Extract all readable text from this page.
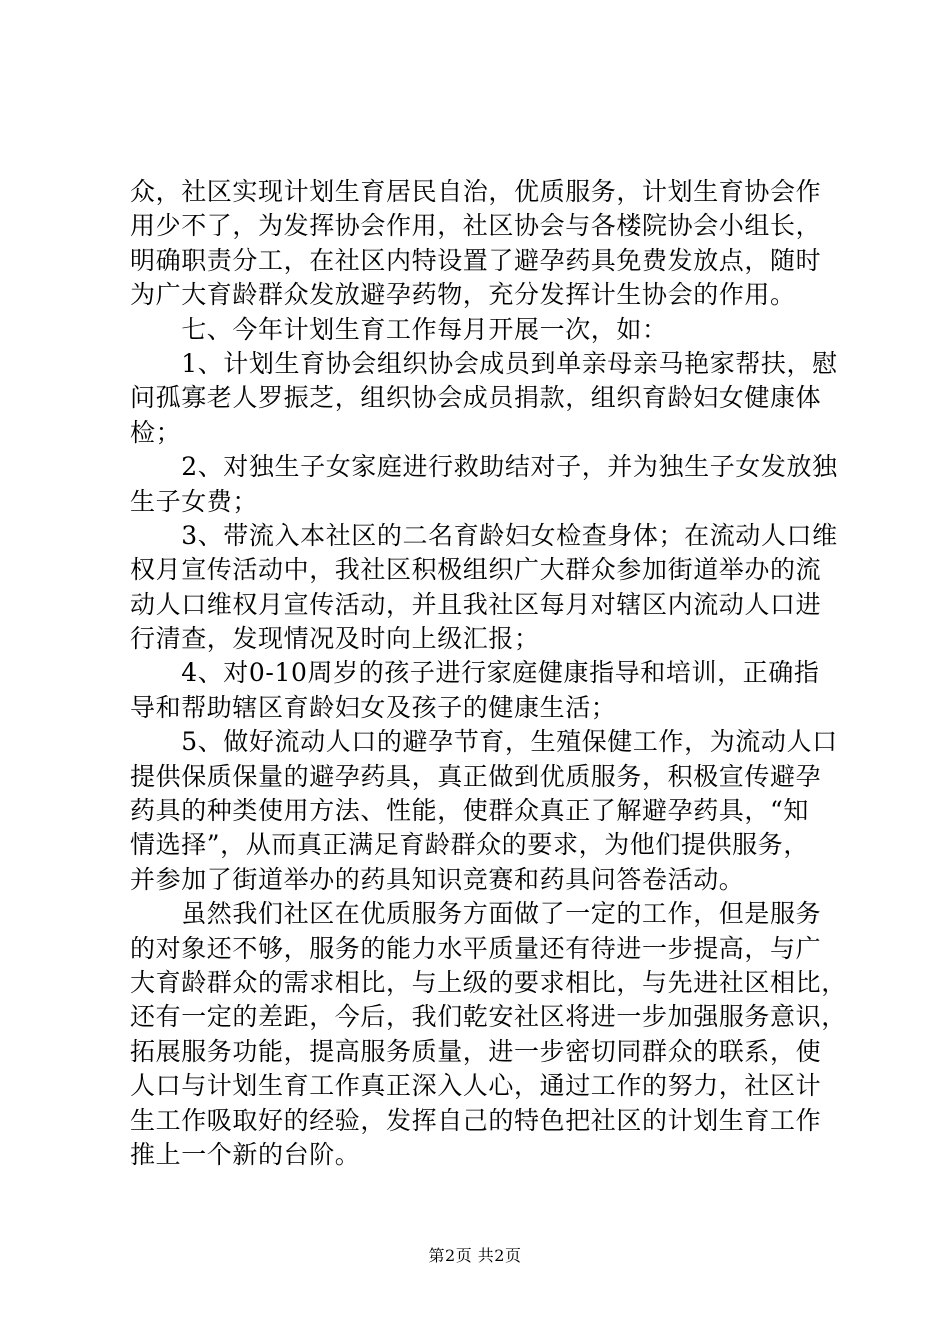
众，社区实现计划生育居民自治，优质服务，计划生育协会作
用少不了，为发挥协会作用，社区协会与各楼院协会小组长，
明确职责分工，在社区内特设置了避孕药具免费发放点，随时
为广大育龄群众发放避孕药物，充分发挥计生协会的作用。
　　七、今年计划生育工作每月开展一次，如：
　　1、计划生育协会组织协会成员到单亲母亲马艳家帮扶，慰
问孤寡老人罗振芝，组织协会成员捐款，组织育龄妇女健康体
检；
　　2、对独生子女家庭进行救助结对子，并为独生子女发放独
生子女费；
　　3、带流入本社区的二名育龄妇女检查身体；在流动人口维
权月宣传活动中，我社区积极组织广大群众参加街道举办的流
动人口维权月宣传活动，并且我社区每月对辖区内流动人口进
行清查，发现情况及时向上级汇报；
　　4、对0-10周岁的孩子进行家庭健康指导和培训，正确指
导和帮助辖区育龄妇女及孩子的健康生活；
　　5、做好流动人口的避孕节育，生殖保健工作，为流动人口
提供保质保量的避孕药具，真正做到优质服务，积极宣传避孕
药具的种类使用方法、性能，使群众真正了解避孕药具，“知
情选择”，从而真正满足育龄群众的要求，为他们提供服务，
并参加了街道举办的药具知识竞赛和药具问答卷活动。
　　虽然我们社区在优质服务方面做了一定的工作，但是服务
的对象还不够，服务的能力水平质量还有待进一步提高，与广
大育龄群众的需求相比，与上级的要求相比，与先进社区相比，
还有一定的差距，今后，我们乾安社区将进一步加强服务意识，
拓展服务功能，提高服务质量，进一步密切同群众的联系，使
人口与计划生育工作真正深入人心，通过工作的努力，社区计
生工作吸取好的经验，发挥自己的特色把社区的计划生育工作
推上一个新的台阶。
第2页 共2页
